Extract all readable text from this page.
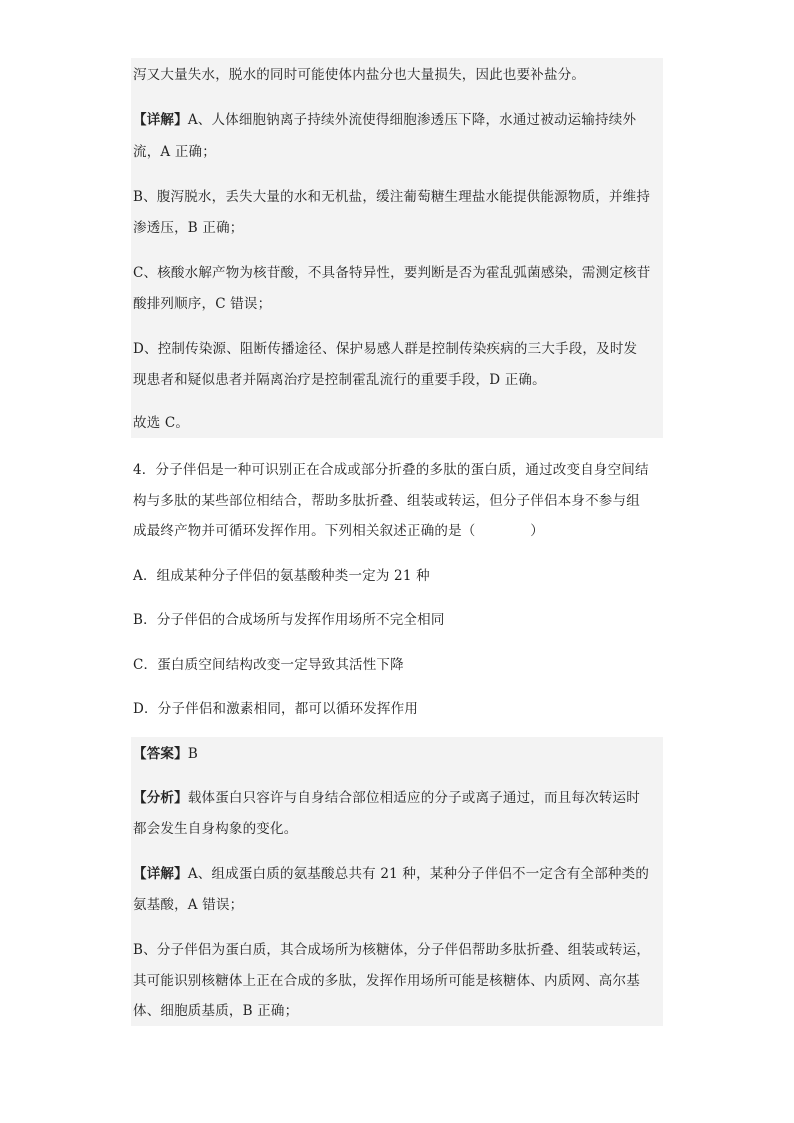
泻又大量失水，脱水的同时可能使体内盐分也大量损失，因此也要补盐分。
【详解】A、人体细胞钠离子持续外流使得细胞渗透压下降，水通过被动运输持续外
流，A 正确；
B、腹泻脱水，丢失大量的水和无机盐，缓注葡萄糖生理盐水能提供能源物质，并维持
渗透压，B 正确；
C、核酸水解产物为核苷酸，不具备特异性，要判断是否为霍乱弧菌感染，需测定核苷
酸排列顺序，C 错误；
D、控制传染源、阻断传播途径、保护易感人群是控制传染疾病的三大手段，及时发
现患者和疑似患者并隔离治疗是控制霍乱流行的重要手段，D 正确。
故选 C。
4．分子伴侣是一种可识别正在合成或部分折叠的多肽的蛋白质，通过改变自身空间结
构与多肽的某些部位相结合，帮助多肽折叠、组装或转运，但分子伴侣本身不参与组
成最终产物并可循环发挥作用。下列相关叙述正确的是（　　　　）
A．组成某种分子伴侣的氨基酸种类一定为 21 种
B．分子伴侣的合成场所与发挥作用场所不完全相同
C．蛋白质空间结构改变一定导致其活性下降
D．分子伴侣和激素相同，都可以循环发挥作用
【答案】B
【分析】载体蛋白只容许与自身结合部位相适应的分子或离子通过，而且每次转运时
都会发生自身构象的变化。
【详解】A、组成蛋白质的氨基酸总共有 21 种，某种分子伴侣不一定含有全部种类的
氨基酸，A 错误；
B、分子伴侣为蛋白质，其合成场所为核糖体，分子伴侣帮助多肽折叠、组装或转运，
其可能识别核糖体上正在合成的多肽，发挥作用场所可能是核糖体、内质网、高尔基
体、细胞质基质，B 正确；
